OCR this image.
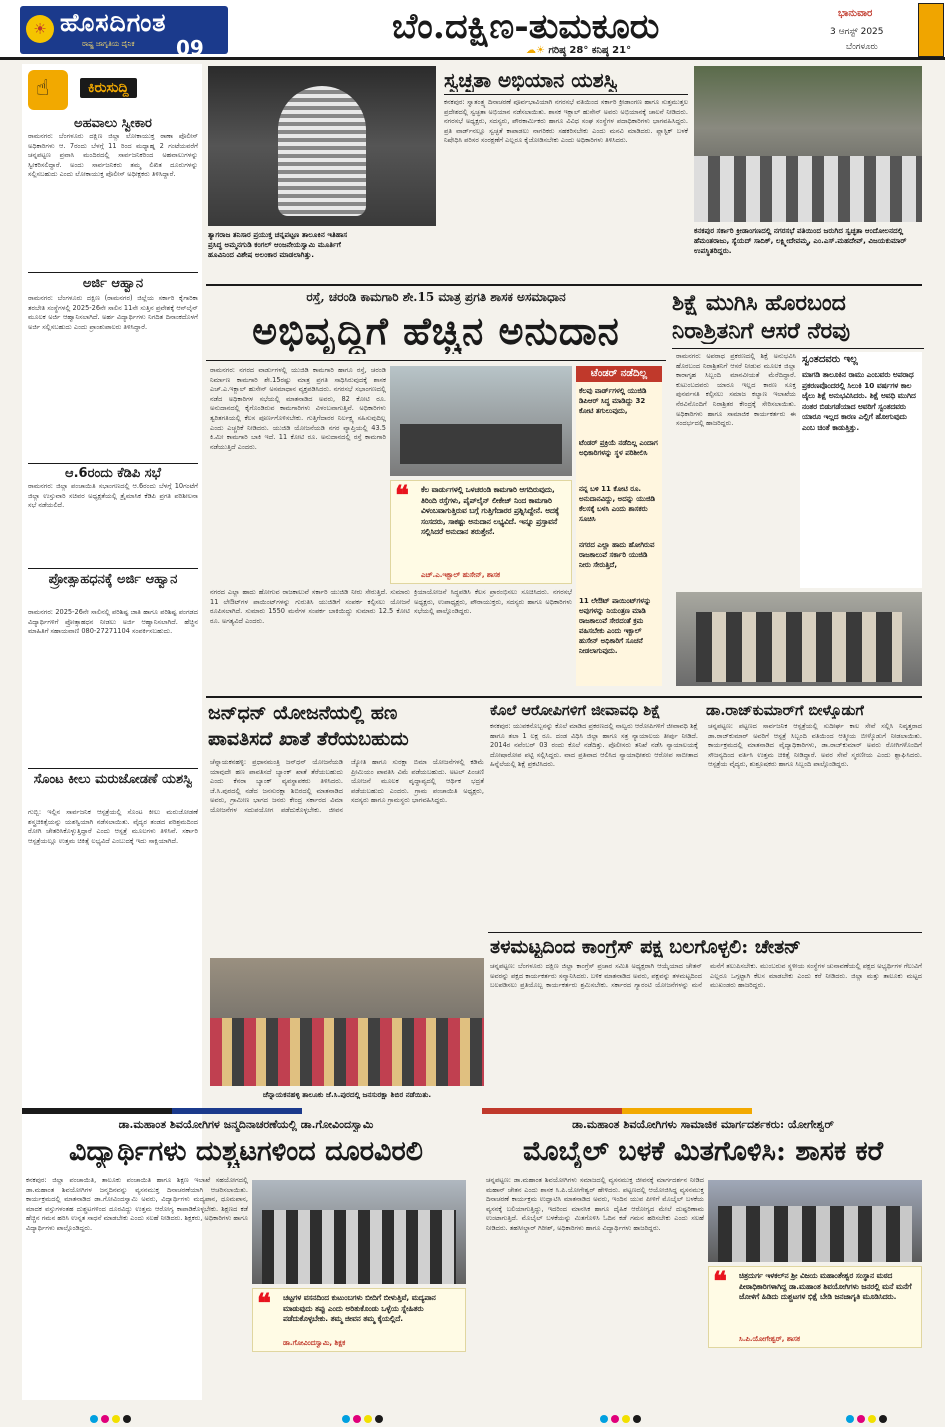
☀ ಹೊಸದಿಗಂತ
ರಾಷ್ಟ್ರ ಜಾಗೃತಿಯ ದೈನಿಕ 09
ಬೆಂ.ದಕ್ಷಿಣ-ತುಮಕೂರು
☁☀ ಗರಿಷ್ಠ 28° ಕನಿಷ್ಠ 21°
ಭಾನುವಾರ
3 ಆಗಸ್ಟ್ 2025
ಬೆಂಗಳೂರು
☝	ಕಿರುಸುದ್ದಿ
ಅಹವಾಲು ಸ್ವೀಕಾರ
ರಾಮನಗರ: ಬೆಂಗಳೂರು ದಕ್ಷಿಣ ಜಿಲ್ಲಾ ಲೋಕಾಯುಕ್ತ ಠಾಣಾ ಪೊಲೀಸ್ ಅಧಿಕಾರಿಗಳು ಆ. 7ರಂದು ಬೆಳಗ್ಗೆ 11 ರಿಂದ ಮಧ್ಯಾಹ್ನ 2 ಗಂಟೆಯವರೆಗೆ ಚನ್ನಪಟ್ಟಣ ಪ್ರವಾಸಿ ಮಂದಿರದಲ್ಲಿ ಸಾರ್ವಜನಿಕರಿಂದ ಅಹವಾಲುಗಳನ್ನು ಸ್ವೀಕರಿಸಲಿದ್ದಾರೆ. ಅಂದು ಸಾರ್ವಜನಿಕರು ತಮ್ಮ ಲಿಖಿತ ದೂರುಗಳನ್ನು ಸಲ್ಲಿಸಬಹುದು ಎಂದು ಲೋಕಾಯುಕ್ತ ಪೊಲೀಸ್ ಅಧೀಕ್ಷಕರು ತಿಳಿಸಿದ್ದಾರೆ.
ಅರ್ಜಿ ಆಹ್ವಾನ
ರಾಮನಗರ: ಬೆಂಗಳೂರು ದಕ್ಷಿಣ (ರಾಮನಗರ) ಜಿಲ್ಲೆಯ ಸರ್ಕಾರಿ ಕೈಗಾರಿಕಾ ತರಬೇತಿ ಸಂಸ್ಥೆಗಳಲ್ಲಿ 2025-26ನೇ ಸಾಲಿನ 11ನೇ ಸುತ್ತಿನ ಪ್ರವೇಶಕ್ಕೆ ಆನ್‌ಲೈನ್ ಮೂಲಕ ಅರ್ಜಿ ಆಹ್ವಾನಿಸಲಾಗಿದೆ. ಅರ್ಹ ವಿದ್ಯಾರ್ಥಿಗಳು ನಿಗದಿತ ದಿನಾಂಕದೊಳಗೆ ಅರ್ಜಿ ಸಲ್ಲಿಸಬಹುದು ಎಂದು ಪ್ರಾಂಶುಪಾಲರು ತಿಳಿಸಿದ್ದಾರೆ.
ಆ.6ರಂದು ಕೆಡಿಪಿ ಸಭೆ
ರಾಮನಗರ: ಜಿಲ್ಲಾ ಪಂಚಾಯಿತಿ ಸಭಾಂಗಣದಲ್ಲಿ ಆ.6ರಂದು ಬೆಳಗ್ಗೆ 10ಗಂಟೆಗೆ ಜಿಲ್ಲಾ ಉಸ್ತುವಾರಿ ಸಚಿವರ ಅಧ್ಯಕ್ಷತೆಯಲ್ಲಿ ತ್ರೈಮಾಸಿಕ ಕೆಡಿಪಿ ಪ್ರಗತಿ ಪರಿಶೀಲನಾ ಸಭೆ ನಡೆಯಲಿದೆ.
ಪ್ರೋತ್ಸಾಹಧನಕ್ಕೆ ಅರ್ಜಿ ಆಹ್ವಾನ
ರಾಮನಗರ: 2025-26ನೇ ಸಾಲಿನಲ್ಲಿ ಪರಿಶಿಷ್ಟ ಜಾತಿ ಹಾಗೂ ಪರಿಶಿಷ್ಟ ಪಂಗಡದ ವಿದ್ಯಾರ್ಥಿಗಳಿಗೆ ಪ್ರೋತ್ಸಾಹಧನ ನೀಡಲು ಅರ್ಜಿ ಆಹ್ವಾನಿಸಲಾಗಿದೆ. ಹೆಚ್ಚಿನ ಮಾಹಿತಿಗೆ ಸಹಾಯವಾಣಿ 080-27271104 ಸಂಪರ್ಕಿಸಬಹುದು.
ಸೊಂಟ ಕೀಲು ಮರುಜೋಡಣೆ ಯಶಸ್ವಿ
ಗುಬ್ಬಿ: ಇಲ್ಲಿನ ಸಾರ್ವಜನಿಕ ಆಸ್ಪತ್ರೆಯಲ್ಲಿ ಸೊಂಟ ಕೀಲು ಮರುಜೋಡಣೆ ಶಸ್ತ್ರಚಿಕಿತ್ಸೆಯನ್ನು ಯಶಸ್ವಿಯಾಗಿ ನಡೆಸಲಾಯಿತು. ವೈದ್ಯರ ತಂಡದ ಪರಿಶ್ರಮದಿಂದ ರೋಗಿ ಚೇತರಿಸಿಕೊಳ್ಳುತ್ತಿದ್ದಾರೆ ಎಂದು ಆಸ್ಪತ್ರೆ ಮೂಲಗಳು ತಿಳಿಸಿವೆ. ಸರ್ಕಾರಿ ಆಸ್ಪತ್ರೆಯಲ್ಲೂ ಉತ್ತಮ ಚಿಕಿತ್ಸೆ ಲಭ್ಯವಿದೆ ಎಂಬುದಕ್ಕೆ ಇದು ಸಾಕ್ಷಿಯಾಗಿದೆ.
ತ್ಯಾಗರಾಜ ತನಿಸಾರ ಪ್ರಯುಕ್ತ ಚನ್ನಪಟ್ಟಣ ತಾಲೂಕಿನ ಇತಿಹಾಸ
ಪ್ರಸಿದ್ಧ ಅಮ್ಮನಗುಡಿ ಕಂಗಲ್ ಆಂಜನೇಯಸ್ವಾಮಿ ಮೂರ್ತಿಗೆ
ಹೂವಿನಿಂದ ವಿಶೇಷ ಅಲಂಕಾರ ಮಾಡಲಾಗಿತ್ತು.
ಸ್ವಚ್ಛತಾ ಅಭಿಯಾನ ಯಶಸ್ವಿ
ಕನಕಪುರ: ಸ್ವಾತಂತ್ರ್ಯ ದಿನಾಚರಣೆ ಪೂರ್ವಭಾವಿಯಾಗಿ ನಗರಸಭೆ ವತಿಯಿಂದ ಸರ್ಕಾರಿ ಕ್ರೀಡಾಂಗಣ ಹಾಗೂ ಸುತ್ತಮುತ್ತಲ ಪ್ರದೇಶದಲ್ಲಿ ಸ್ವಚ್ಛತಾ ಅಭಿಯಾನ ನಡೆಸಲಾಯಿತು. ಶಾಸಕ ಇಕ್ಬಾಲ್ ಹುಸೇನ್ ಅವರು ಅಭಿಯಾನಕ್ಕೆ ಚಾಲನೆ ನೀಡಿದರು. ನಗರಸಭೆ ಅಧ್ಯಕ್ಷರು, ಸದಸ್ಯರು, ಪೌರಕಾರ್ಮಿಕರು ಹಾಗೂ ವಿವಿಧ ಸಂಘ ಸಂಸ್ಥೆಗಳ ಪದಾಧಿಕಾರಿಗಳು ಭಾಗವಹಿಸಿದ್ದರು. ಪ್ರತಿ ವಾರ್ಡ್‌ನಲ್ಲೂ ಸ್ವಚ್ಛತೆ ಕಾಪಾಡಲು ನಾಗರಿಕರು ಸಹಕರಿಸಬೇಕು ಎಂದು ಮನವಿ ಮಾಡಿದರು. ಪ್ಲಾಸ್ಟಿಕ್ ಬಳಕೆ ನಿಷೇಧಿಸಿ ಪರಿಸರ ಸಂರಕ್ಷಣೆಗೆ ಎಲ್ಲರೂ ಕೈಜೋಡಿಸಬೇಕು ಎಂದು ಅಧಿಕಾರಿಗಳು ತಿಳಿಸಿದರು.
ಕನಕಪುರ ಸರ್ಕಾರಿ ಕ್ರೀಡಾಂಗಣದಲ್ಲಿ ನಗರಸಭೆ ವತಿಯಿಂದ ಜರುಗಿದ ಸ್ವಚ್ಛತಾ ಆಂದೋಲನದಲ್ಲಿ ಹೆಮಂತರಾಜು, ಸ್ಯೆಯದ್ ಸಾದಿಕ್, ಲಕ್ಷ್ಮೀದೇವಮ್ಮ, ಎಂ.ಎಸ್.ಮಹದೇವ್, ವಿಜಯಕುಮಾರ್ ಉಪಸ್ಥಿತರಿದ್ದರು.
ರಸ್ತೆ, ಚರಂಡಿ ಕಾಮಗಾರಿ ಶೇ.15 ಮಾತ್ರ ಪ್ರಗತಿ ಶಾಸಕ ಅಸಮಾಧಾನ
ಅಭಿವೃದ್ಧಿಗೆ ಹೆಚ್ಚಿನ ಅನುದಾನ
ರಾಮನಗರ: ನಗರದ ವಾರ್ಡುಗಳಲ್ಲಿ ಯುಜಿಡಿ ಕಾಮಗಾರಿ ಹಾಗೂ ರಸ್ತೆ, ಚರಂಡಿ ನಿರ್ಮಾಣ ಕಾಮಗಾರಿ ಶೇ.15ರಷ್ಟು ಮಾತ್ರ ಪ್ರಗತಿ ಸಾಧಿಸಿರುವುದಕ್ಕೆ ಶಾಸಕ ಎಚ್.ಎ.ಇಕ್ಬಾಲ್ ಹುಸೇನ್ ಅಸಮಾಧಾನ ವ್ಯಕ್ತಪಡಿಸಿದರು. ನಗರಸಭೆ ಸಭಾಂಗಣದಲ್ಲಿ ನಡೆದ ಅಧಿಕಾರಿಗಳ ಸಭೆಯಲ್ಲಿ ಮಾತನಾಡಿದ ಅವರು, 82 ಕೋಟಿ ರೂ. ಅನುದಾನದಲ್ಲಿ ಕೈಗೊಂಡಿರುವ ಕಾಮಗಾರಿಗಳು ವಿಳಂಬವಾಗುತ್ತಿವೆ. ಅಧಿಕಾರಿಗಳು ತ್ವರಿತಗತಿಯಲ್ಲಿ ಕೆಲಸ ಪೂರ್ಣಗೊಳಿಸಬೇಕು. ಗುತ್ತಿಗೆದಾರರ ನಿರ್ಲಕ್ಷ್ಯ ಸಹಿಸುವುದಿಲ್ಲ ಎಂದು ಎಚ್ಚರಿಕೆ ನೀಡಿದರು. ಯುಜಿಡಿ ಯೋಜನೆಯಡಿ ನಗರ ವ್ಯಾಪ್ತಿಯಲ್ಲಿ 43.5 ಕಿ.ಮೀ ಕಾಮಗಾರಿ ಬಾಕಿ ಇದೆ. 11 ಕೋಟಿ ರೂ. ಅನುದಾನದಲ್ಲಿ ರಸ್ತೆ ಕಾಮಗಾರಿ ನಡೆಯುತ್ತಿದೆ ಎಂದರು.
ಟೆಂಡರ್ ನಡೆದಿಲ್ಲ
ಕೆಲವು ವಾರ್ಡ್‌ಗಳಲ್ಲಿ ಯುಜಿಡಿ ಡಿಪಿಆರ್ ಸಿದ್ಧ ಮಾಡಿದ್ದು 32 ಕೋಟಿ ತಗುಲುವುದು,
ಟೆಂಡರ್ ಪ್ರಕ್ರಿಯೆ ನಡೆದಿಲ್ಲ ಎಂದಾಗ ಅಧಿಕಾರಿಗಳನ್ನು ಸ್ಥಳ ಪರಿಶೀಲಿಸಿ
ನನ್ನ ಬಳಿ 11 ಕೋಟಿ ರೂ. ಅನುದಾನವಿದ್ದು, ಅದನ್ನು ಯುಜಿಡಿ ಕೆಲಸಕ್ಕೆ ಬಳಸಿ ಎಂದು ಶಾಸಕರು ಸೂಚಿಸಿ
ನಗರದ ಎಲ್ಲಾ ಹಾದು ಹೋಗಿರುವ ರಾಜಕಾಲುವೆ ಸರ್ಕಾರಿ ಯುಜಿಡಿ ನೀರು ಸೇರುತ್ತಿದೆ,
11 ಲೇಔಟ್‌ ಪಾಯಿಂಟ್‌ಗಳನ್ನು ಅವುಗಳನ್ನು ನಿಯಂತ್ರಣ ಮಾಡಿ ರಾಜಕಾಲುವೆ ಸೇರದಂತೆ ಕ್ರಮ ವಹಿಸಬೇಕು ಎಂದು ಇಕ್ಬಾಲ್ ಹುಸೇನ್ ಅಧಿಕಾರಿಗೆ ಸೂಚನೆ ನೀಡಲಾಗುವುದು.
❝ ಕೆಲ ವಾರ್ಡುಗಳಲ್ಲಿ ಒಳಚರಂಡಿ ಕಾಮಗಾರಿ ಆಗದಿರುವುದು, ತಿರಿಂದಿ ರಸ್ತೆಗಳು, ಪೈಪ್‌ಲೈನ್ ಲೀಕೇಜ್ ನಿಂದ ಕಾಮಗಾರಿ ವಿಳಂಬವಾಗುತ್ತಿರುವ ಬಗ್ಗೆ ಗುತ್ತಿಗೆದಾರರ ಪ್ರಶ್ನಿಸಿದ್ದೇನೆ. ಅದಕ್ಕೆ ಸಂಸದರು, ಸಾಕಷ್ಟು ಅನುದಾನ ಲಭ್ಯವಿದೆ. ಇನ್ನೂ ಪ್ರಸ್ತಾವನೆ ಸಲ್ಲಿಸಿದರೆ ಅನುದಾನ ತರುತ್ತೇನೆ.
ಎಚ್.ಎ.ಇಕ್ಬಾಲ್ ಹುಸೇನ್, ಶಾಸಕ
ನಗರದ ಎಲ್ಲಾ ಹಾದು ಹೋಗುವ ರಾಜಕಾಲುವೆ ಸರ್ಕಾರಿ ಯುಜಿಡಿ ನೀರು ಸೇರುತ್ತಿದೆ. ಸುಮಾರು 11 ಲೇಔಟ್‌ಗಳ ಪಾಯಿಂಟ್‌ಗಳನ್ನು ಗುರುತಿಸಿ ಯುಜಿಡಿಗೆ ಸಂಪರ್ಕ ಕಲ್ಪಿಸಲು ಯೋಜನೆ ರೂಪಿಸಲಾಗಿದೆ. ಸುಮಾರು 1550 ಮನೆಗಳ ಸಂಪರ್ಕ ಬಾಕಿಯಿದ್ದು ಸುಮಾರು 12.5 ಕೋಟಿ ರೂ. ಅಗತ್ಯವಿದೆ ಎಂದರು.
ಕ್ರಿಯಾಯೋಜನೆ ಸಿದ್ಧಪಡಿಸಿ ಕೆಲಸ ಪ್ರಾರಂಭಿಸಲು ಸೂಚಿಸಿದರು. ನಗರಸಭೆ ಅಧ್ಯಕ್ಷರು, ಉಪಾಧ್ಯಕ್ಷರು, ಪೌರಾಯುಕ್ತರು, ಸದಸ್ಯರು ಹಾಗೂ ಅಧಿಕಾರಿಗಳು ಸಭೆಯಲ್ಲಿ ಪಾಲ್ಗೊಂಡಿದ್ದರು.
ಶಿಕ್ಷೆ ಮುಗಿಸಿ ಹೊರಬಂದ
ನಿರಾಶ್ರಿತನಿಗೆ ಆಸರೆ ನೆರವು
ರಾಮನಗರ: ಅಪರಾಧ ಪ್ರಕರಣದಲ್ಲಿ ಶಿಕ್ಷೆ ಅನುಭವಿಸಿ ಹೊರಬಂದ ನಿರಾಶ್ರಿತನಿಗೆ ಆಸರೆ ನೀಡುವ ಮೂಲಕ ಜಿಲ್ಲಾ ಕಾರಾಗೃಹ ಸಿಬ್ಬಂದಿ ಮಾನವೀಯತೆ ಮೆರೆದಿದ್ದಾರೆ. ಕುಟುಂಬದವರು ಯಾರೂ ಇಲ್ಲದ ಕಾರಣ ಸೂಕ್ತ ಪುನರ್ವಸತಿ ಕಲ್ಪಿಸಲು ಸಮಾಜ ಕಲ್ಯಾಣ ಇಲಾಖೆಯ ನೆರವಿನೊಂದಿಗೆ ನಿರಾಶ್ರಿತರ ಕೇಂದ್ರಕ್ಕೆ ಸೇರಿಸಲಾಯಿತು. ಅಧಿಕಾರಿಗಳು ಹಾಗೂ ಸಾಮಾಜಿಕ ಕಾರ್ಯಕರ್ತರು ಈ ಸಂದರ್ಭದಲ್ಲಿ ಹಾಜರಿದ್ದರು.
ಸ್ವಂತದವರು ಇಲ್ಲ
ಮಾಗಡಿ ತಾಲೂಕಿನ ರಾಮು ಎಂಬವರು ಅಪರಾಧ ಪ್ರಕರಣವೊಂದರಲ್ಲಿ ಸಿಲುಕಿ 10 ವರ್ಷಗಳ ಕಾಲ ಜೈಲು ಶಿಕ್ಷೆ ಅನುಭವಿಸಿದರು. ಶಿಕ್ಷೆ ಅವಧಿ ಮುಗಿದ ನಂತರ ಬಿಡುಗಡೆಯಾದ ಅವರಿಗೆ ಸ್ವಂತದವರು ಯಾರೂ ಇಲ್ಲದ ಕಾರಣ ಎಲ್ಲಿಗೆ ಹೋಗುವುದು ಎಂಬ ಚಿಂತೆ ಕಾಡುತ್ತಿತ್ತು.
ಜನ್‌ಧನ್ ಯೋಜನೆಯಲ್ಲಿ ಹಣ
ಪಾವತಿಸದೆ ಖಾತೆ ತೆರೆಯಬಹುದು
ಚೆನ್ನಾಯಕನಹಳ್ಳಿ: ಪ್ರಧಾನಮಂತ್ರಿ ಜನ್‌ಧನ್ ಯೋಜನೆಯಡಿ ಯಾವುದೇ ಹಣ ಪಾವತಿಸದೆ ಬ್ಯಾಂಕ್ ಖಾತೆ ತೆರೆಯಬಹುದು ಎಂದು ಕೆನರಾ ಬ್ಯಾಂಕ್ ವ್ಯವಸ್ಥಾಪಕರು ತಿಳಿಸಿದರು. ಜೆ.ಸಿ.ಪುರದಲ್ಲಿ ನಡೆದ ಜನಸುರಕ್ಷಾ ಶಿಬಿರದಲ್ಲಿ ಮಾತನಾಡಿದ ಅವರು, ಗ್ರಾಮೀಣ ಭಾಗದ ಜನರು ಕೇಂದ್ರ ಸರ್ಕಾರದ ವಿಮಾ ಯೋಜನೆಗಳ ಸದುಪಯೋಗ ಪಡೆದುಕೊಳ್ಳಬೇಕು. ಜೀವನ ಜ್ಯೋತಿ ಹಾಗೂ ಸುರಕ್ಷಾ ಬಿಮಾ ಯೋಜನೆಗಳಲ್ಲಿ ಕಡಿಮೆ ಪ್ರೀಮಿಯಂ ಪಾವತಿಸಿ ವಿಮೆ ಪಡೆಯಬಹುದು. ಅಟಲ್ ಪಿಂಚಣಿ ಯೋಜನೆ ಮೂಲಕ ವೃದ್ಧಾಪ್ಯದಲ್ಲಿ ಆರ್ಥಿಕ ಭದ್ರತೆ ಪಡೆಯಬಹುದು ಎಂದರು. ಗ್ರಾಮ ಪಂಚಾಯಿತಿ ಅಧ್ಯಕ್ಷರು, ಸದಸ್ಯರು ಹಾಗೂ ಗ್ರಾಮಸ್ಥರು ಭಾಗವಹಿಸಿದ್ದರು.
ಚೆನ್ನಾಯಕನಹಳ್ಳಿ ತಾಲೂಕು ಜೆ.ಸಿ.ಪುರದಲ್ಲಿ ಜನಸುರಕ್ಷಾ ಶಿಬಿರ ನಡೆಯಿತು.
ಕೊಲೆ ಆರೋಪಿಗಳಿಗೆ ಜೀವಾವಧಿ ಶಿಕ್ಷೆ
ಕನಕಪುರ: ಯುವಕನೊಬ್ಬನನ್ನು ಕೊಲೆ ಮಾಡಿದ ಪ್ರಕರಣದಲ್ಲಿ ನಾಲ್ವರು ಆರೋಪಿಗಳಿಗೆ ಜೀವಾವಧಿ ಶಿಕ್ಷೆ ಹಾಗೂ ತಲಾ 1 ಲಕ್ಷ ರೂ. ದಂಡ ವಿಧಿಸಿ ಜಿಲ್ಲಾ ಹಾಗೂ ಸತ್ರ ನ್ಯಾಯಾಲಯ ತೀರ್ಪು ನೀಡಿದೆ. 2014ರ ನವೆಂಬರ್ 03 ರಂದು ಕೊಲೆ ನಡೆದಿತ್ತು. ಪೊಲೀಸರು ತನಿಖೆ ನಡೆಸಿ ನ್ಯಾಯಾಲಯಕ್ಕೆ ದೋಷಾರೋಪ ಪಟ್ಟಿ ಸಲ್ಲಿಸಿದ್ದರು. ವಾದ ಪ್ರತಿವಾದ ಆಲಿಸಿದ ನ್ಯಾಯಾಧೀಶರು ಆರೋಪ ಸಾಬೀತಾದ ಹಿನ್ನೆಲೆಯಲ್ಲಿ ಶಿಕ್ಷೆ ಪ್ರಕಟಿಸಿದರು.
ಡಾ.ರಾಜ್‌ಕುಮಾರ್‌ಗೆ ಬೀಳ್ಕೊಡುಗೆ
ಚನ್ನಪಟ್ಟಣ: ಪಟ್ಟಣದ ಸಾರ್ವಜನಿಕ ಆಸ್ಪತ್ರೆಯಲ್ಲಿ ಸುದೀರ್ಘ ಕಾಲ ಸೇವೆ ಸಲ್ಲಿಸಿ ನಿವೃತ್ತರಾದ ಡಾ.ರಾಜ್‌ಕುಮಾರ್ ಅವರಿಗೆ ಆಸ್ಪತ್ರೆ ಸಿಬ್ಬಂದಿ ವತಿಯಿಂದ ಆತ್ಮೀಯ ಬೀಳ್ಕೊಡುಗೆ ನೀಡಲಾಯಿತು. ಕಾರ್ಯಕ್ರಮದಲ್ಲಿ ಮಾತನಾಡಿದ ವೈದ್ಯಾಧಿಕಾರಿಗಳು, ಡಾ.ರಾಜ್‌ಕುಮಾರ್ ಅವರು ರೋಗಿಗಳೊಂದಿಗೆ ಸೌಜನ್ಯದಿಂದ ವರ್ತಿಸಿ ಉತ್ತಮ ಚಿಕಿತ್ಸೆ ನೀಡಿದ್ದಾರೆ. ಅವರ ಸೇವೆ ಸ್ಮರಣೀಯ ಎಂದು ಶ್ಲಾಘಿಸಿದರು. ಆಸ್ಪತ್ರೆಯ ವೈದ್ಯರು, ಶುಶ್ರೂಷಕರು ಹಾಗೂ ಸಿಬ್ಬಂದಿ ಪಾಲ್ಗೊಂಡಿದ್ದರು.
ತಳಮಟ್ಟದಿಂದ ಕಾಂಗ್ರೆಸ್ ಪಕ್ಷ ಬಲಗೊಳ್ಳಲಿ: ಚೇತನ್
ಚನ್ನಪಟ್ಟಣ: ಬೆಂಗಳೂರು ದಕ್ಷಿಣ ಜಿಲ್ಲಾ ಕಾಂಗ್ರೆಸ್ ಪ್ರಚಾರ ಸಮಿತಿ ಅಧ್ಯಕ್ಷರಾಗಿ ಆಯ್ಕೆಯಾದ ಚೇತನ್ ಅವರನ್ನು ಪಕ್ಷದ ಕಾರ್ಯಕರ್ತರು ಸನ್ಮಾನಿಸಿದರು. ಬಳಿಕ ಮಾತನಾಡಿದ ಅವರು, ಪಕ್ಷವನ್ನು ತಳಮಟ್ಟದಿಂದ ಬಲಪಡಿಸಲು ಪ್ರತಿಯೊಬ್ಬ ಕಾರ್ಯಕರ್ತರು ಶ್ರಮಿಸಬೇಕು. ಸರ್ಕಾರದ ಗ್ಯಾರಂಟಿ ಯೋಜನೆಗಳನ್ನು ಮನೆ ಮನೆಗೆ ತಲುಪಿಸಬೇಕು. ಮುಂಬರುವ ಸ್ಥಳೀಯ ಸಂಸ್ಥೆಗಳ ಚುನಾವಣೆಯಲ್ಲಿ ಪಕ್ಷದ ಅಭ್ಯರ್ಥಿಗಳ ಗೆಲುವಿಗೆ ಎಲ್ಲರೂ ಒಗ್ಗಟ್ಟಾಗಿ ಕೆಲಸ ಮಾಡಬೇಕು ಎಂದು ಕರೆ ನೀಡಿದರು. ಜಿಲ್ಲಾ ಮತ್ತು ತಾಲೂಕು ಮಟ್ಟದ ಮುಖಂಡರು ಹಾಜರಿದ್ದರು.
ಡಾ.ಮಹಾಂತ ಶಿವಯೋಗಿಗಳ ಜನ್ಮದಿನಾಚರಣೆಯಲ್ಲಿ ಡಾ.ಗೋವಿಂದಸ್ವಾಮಿ
ವಿದ್ಯಾರ್ಥಿಗಳು ದುಶ್ಚಟಗಳಿಂದ ದೂರವಿರಲಿ
ಕನಕಪುರ: ಜಿಲ್ಲಾ ಪಂಚಾಯಿತಿ, ತಾಲೂಕು ಪಂಚಾಯಿತಿ ಹಾಗೂ ಶಿಕ್ಷಣ ಇಲಾಖೆ ಸಹಯೋಗದಲ್ಲಿ ಡಾ.ಮಹಾಂತ ಶಿವಯೋಗಿಗಳ ಜನ್ಮದಿನವನ್ನು ವ್ಯಸನಮುಕ್ತ ದಿನಾಚರಣೆಯಾಗಿ ಆಚರಿಸಲಾಯಿತು. ಕಾರ್ಯಕ್ರಮದಲ್ಲಿ ಮಾತನಾಡಿದ ಡಾ.ಗೋವಿಂದಸ್ವಾಮಿ ಅವರು, ವಿದ್ಯಾರ್ಥಿಗಳು ಮದ್ಯಪಾನ, ಧೂಮಪಾನ, ಮಾದಕ ವಸ್ತುಗಳಂತಹ ದುಶ್ಚಟಗಳಿಂದ ದೂರವಿದ್ದು ಉತ್ತಮ ಆರೋಗ್ಯ ಕಾಪಾಡಿಕೊಳ್ಳಬೇಕು. ಶಿಕ್ಷಣದ ಕಡೆ ಹೆಚ್ಚಿನ ಗಮನ ಹರಿಸಿ ಉನ್ನತ ಸಾಧನೆ ಮಾಡಬೇಕು ಎಂದು ಸಲಹೆ ನೀಡಿದರು. ಶಿಕ್ಷಕರು, ಅಧಿಕಾರಿಗಳು ಹಾಗೂ ವಿದ್ಯಾರ್ಥಿಗಳು ಪಾಲ್ಗೊಂಡಿದ್ದರು.
❝ ಚಟ್ಟಗಳ ವಸನದಿಂದ ಕುಟುಂಬಗಳು ಬೀದಿಗೆ ಬೀಳುತ್ತಿವೆ, ಮದ್ಯಪಾನ ಮಾಡುವುದು ತಪ್ಪು ಎಂದು ಅರಿತುಕೊಂಡು ಒಳ್ಳೆಯ ಸ್ನೇಹಿತರು ಪಡೆದುಕೊಳ್ಳಬೇಕು. ತಮ್ಮ ಜೀವನ ತಮ್ಮ ಕೈಯಲ್ಲಿದೆ.
ಡಾ.ಗೋವಿಂದಸ್ವಾಮಿ, ಶಿಕ್ಷಕ
ಡಾ.ಮಹಾಂತ ಶಿವಯೋಗಿಗಳು ಸಾಮಾಜಿಕ ಮಾರ್ಗದರ್ಶಕರು: ಯೋಗೇಶ್ವರ್
ಮೊಬೈಲ್ ಬಳಕೆ ಮಿತಗೊಳಿಸಿ: ಶಾಸಕ ಕರೆ
ಚನ್ನಪಟ್ಟಣ: ಡಾ.ಮಹಾಂತ ಶಿವಯೋಗಿಗಳು ಸಮಾಜದಲ್ಲಿ ವ್ಯಸನಮುಕ್ತ ಜೀವನಕ್ಕೆ ಮಾರ್ಗದರ್ಶನ ನೀಡಿದ ಮಹಾನ್ ಚೇತನ ಎಂದು ಶಾಸಕ ಸಿ.ಪಿ.ಯೋಗೇಶ್ವರ್ ಹೇಳಿದರು. ಪಟ್ಟಣದಲ್ಲಿ ಆಯೋಜಿಸಿದ್ದ ವ್ಯಸನಮುಕ್ತ ದಿನಾಚರಣೆ ಕಾರ್ಯಕ್ರಮ ಉದ್ಘಾಟಿಸಿ ಮಾತನಾಡಿದ ಅವರು, ಇಂದಿನ ಯುವ ಪೀಳಿಗೆ ಮೊಬೈಲ್ ಬಳಕೆಯ ವ್ಯಸನಕ್ಕೆ ಬಲಿಯಾಗುತ್ತಿದ್ದು, ಇದರಿಂದ ಮಾನಸಿಕ ಹಾಗೂ ದೈಹಿಕ ಆರೋಗ್ಯದ ಮೇಲೆ ದುಷ್ಪರಿಣಾಮ ಉಂಟಾಗುತ್ತಿದೆ. ಮೊಬೈಲ್ ಬಳಕೆಯನ್ನು ಮಿತಗೊಳಿಸಿ ಓದಿನ ಕಡೆ ಗಮನ ಹರಿಸಬೇಕು ಎಂದು ಸಲಹೆ ನೀಡಿದರು. ತಹಸೀಲ್ದಾರ್ ಗಿರೀಶ್, ಅಧಿಕಾರಿಗಳು ಹಾಗೂ ವಿದ್ಯಾರ್ಥಿಗಳು ಹಾಜರಿದ್ದರು.
❝ ಚಿತ್ರದುರ್ಗ ಇಳಕಲ್‌ನ ಶ್ರೀ ವಿಜಯ ಮಹಾಂತೇಶ್ವರ ಸಂಸ್ಥಾನ ಮಠದ ಪೀಠಾಧಿಕಾರಿಗಳಾಗಿದ್ದ ಡಾ.ಮಹಾಂತ ಶಿವಯೋಗಿಗಳು ಜನರಲ್ಲಿ ಮನೆ ಮನೆಗೆ ಜೋಳಿಗೆ ಹಿಡಿದು ದುಶ್ಚಟಗಳ ಭಿಕ್ಷೆ ಬೇಡಿ ಜನಜಾಗೃತಿ ಮೂಡಿಸಿದರು.
ಸಿ.ಪಿ.ಯೋಗೇಶ್ವರ್, ಶಾಸಕ
